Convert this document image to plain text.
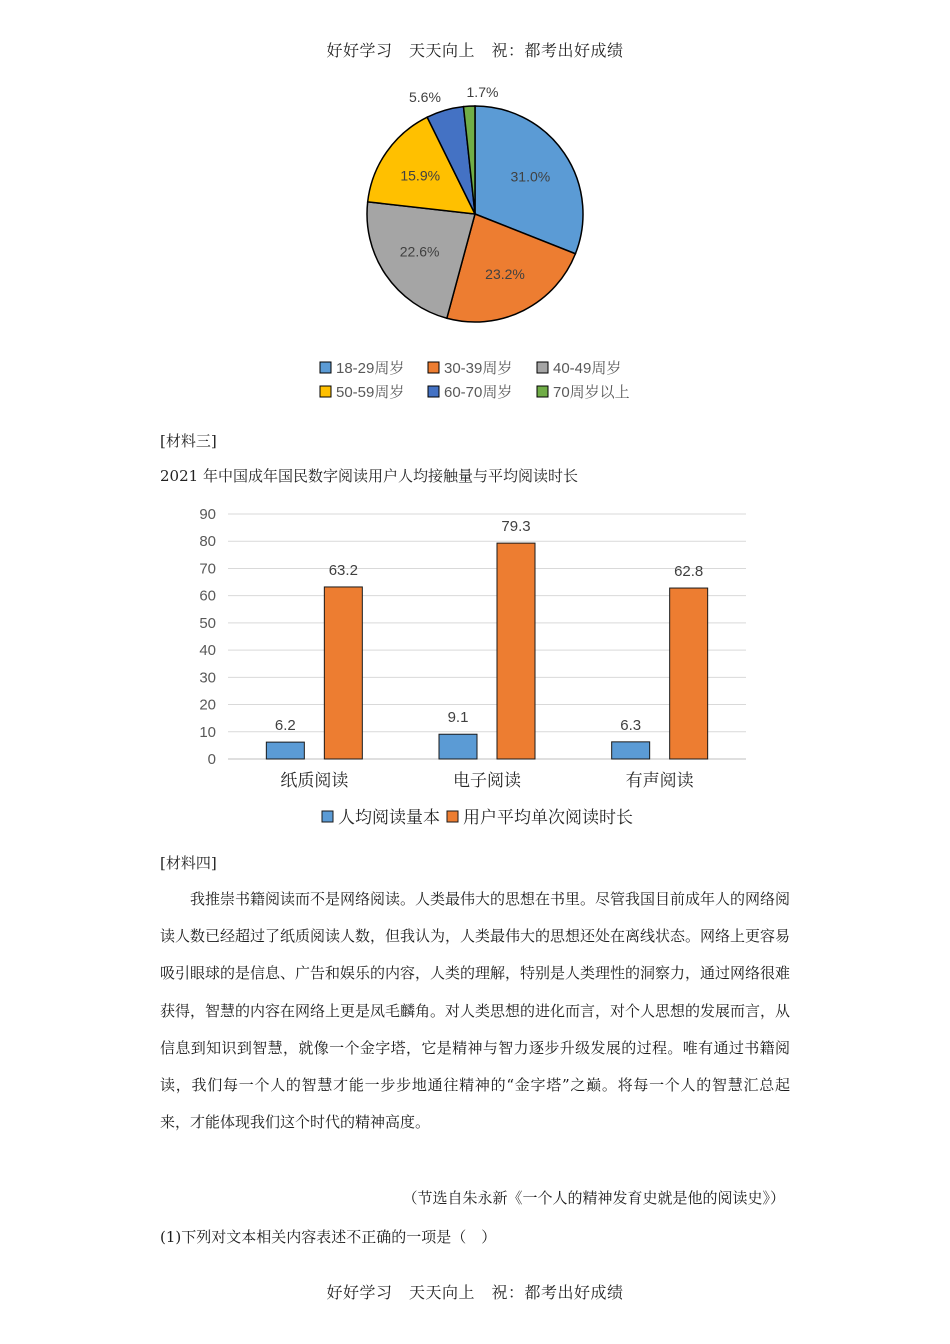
好好学习　天天向上　祝：都考出好成绩
31.0%
23.2%
22.6%
15.9%
5.6% 1.7%
18-29周岁	30-39周岁	40-49周岁
50-59周岁	60-70周岁	70周岁以上
[材料三]
2021 年中国成年国民数字阅读用户人均接触量与平均阅读时长
0
10
20
30
40
50
60
70
80
90
6.2
63.2
9.1
79.3
6.3
62.8
纸质阅读	电子阅读	有声阅读
人均阅读量本 用户平均单次阅读时长
[材料四]
我推崇书籍阅读而不是网络阅读。人类最伟大的思想在书里。尽管我国目前成年人的网络阅读人数已经超过了纸质阅读人数，但我认为，人类最伟大的思想还处在离线状态。网络上更容易吸引眼球的是信息、广告和娱乐的内容，人类的理解，特别是人类理性的洞察力，通过网络很难获得，智慧的内容在网络上更是凤毛麟角。对人类思想的进化而言，对个人思想的发展而言，从信息到知识到智慧，就像一个金字塔，它是精神与智力逐步升级发展的过程。唯有通过书籍阅读，我们每一个人的智慧才能一步步地通往精神的“金字塔”之巅。将每一个人的智慧汇总起来，才能体现我们这个时代的精神高度。
（节选自朱永新《一个人的精神发育史就是他的阅读史》）
(1)下列对文本相关内容表述不正确的一项是（　）
好好学习　天天向上　祝：都考出好成绩
